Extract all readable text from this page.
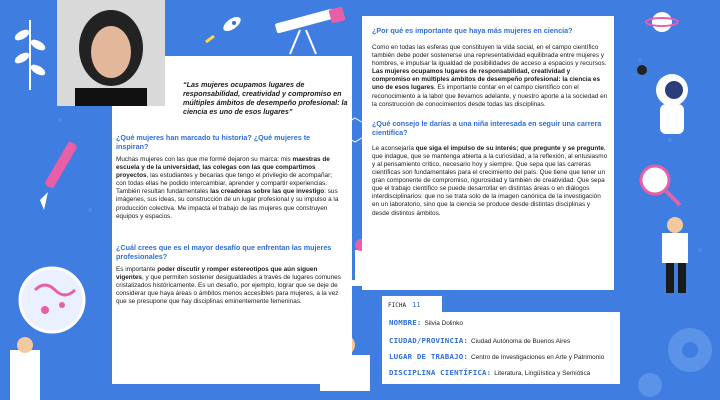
“Las mujeres ocupamos lugares de responsabilidad, creatividad y compromiso en múltiples ámbitos de desempeño profesional: la ciencia es uno de esos lugares”
¿Qué mujeres han marcado tu historia? ¿Qué mujeres te inspiran?
Muchas mujeres con las que me formé dejaron su marca: mis maestras de escuela y de la universidad, las colegas con las que compartimos proyectos, las estudiantes y becarias que tengo el privilegio de acompañar; con todas ellas he podido intercambiar, aprender y compartir experiencias. También resultan fundamentales las creadoras sobre las que investigo: sus imágenes, sus ideas, su construcción de un lugar profesional y su impulso a la producción colectiva. Me impacta el trabajo de las mujeres que construyen equipos y espacios.
¿Cuál crees que es el mayor desafío que enfrentan las mujeres profesionales?
Es importante poder discutir y romper estereotipos que aún siguen vigentes, y que permiten sostener desigualdades a través de lugares comunes cristalizados históricamente. Es un desafío, por ejemplo, lograr que se deje de considerar que haya áreas o ámbitos menos accesibles para mujeres, a la vez que se presupone que hay disciplinas eminentemente femeninas.
¿Por qué es importante que haya más mujeres en ciencia?
Como en todas las esferas que constituyen la vida social, en el campo científico también debe poder sostenerse una representatividad equilibrada entre mujeres y hombres, e impulsar la igualdad de posibilidades de acceso a espacios y recursos. Las mujeres ocupamos lugares de responsabilidad, creatividad y compromiso en múltiples ámbitos de desempeño profesional: la ciencia es uno de esos lugares. Es importante contar en el campo científico con el reconocimiento a la labor que llevamos adelante, y nuestro aporte a la sociedad en la construcción de conocimientos desde todas las disciplinas.
¿Qué consejo le darías a una niña interesada en seguir una carrera científica?
Le aconsejaría que siga el impulso de su interés; que pregunte y se pregunte, que indague, que se mantenga abierta a la curiosidad, a la reflexión, al entusiasmo y al pensamiento crítico, necesario hoy y siempre. Que sepa que las carreras científicas son fundamentales para el crecimiento del país. Que tiene que tener un gran componente de compromiso, rigurosidad y también de creatividad. Que sepa que el trabajo científico se puede desarrollar en distintas áreas o en diálogos interdisciplinarios: que no se trata solo de la imagen canónica de la investigación en un laboratorio, sino que la ciencia se produce desde distintas disciplinas y desde distintos ámbitos.
FICHA 11
NOMBRE: Silvia Dolinko
CIUDAD/PROVINCIA: Ciudad Autónoma de Buenos Aires
LUGAR DE TRABAJO: Centro de Investigaciones en Arte y Patrimonio
DISCIPLINA CIENTÍFICA: Literatura, Lingüística y Semiótica
